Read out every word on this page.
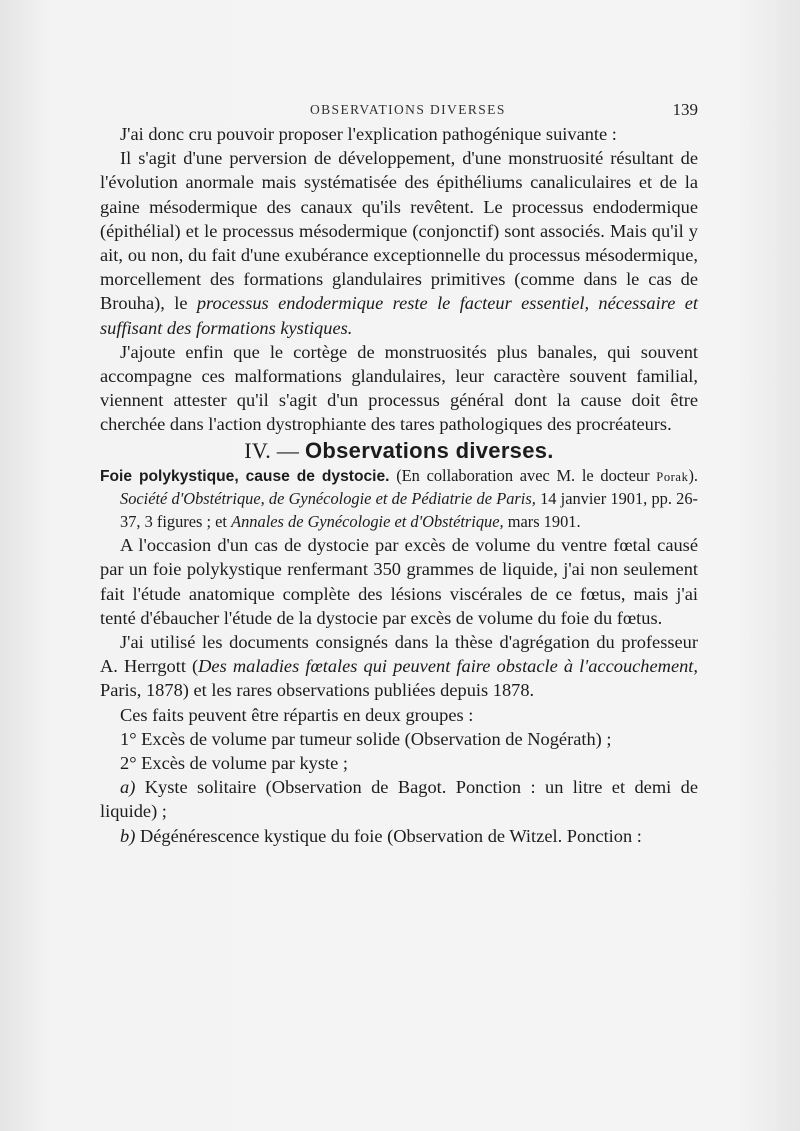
OBSERVATIONS DIVERSES	139

J'ai donc cru pouvoir proposer l'explication pathogénique suivante :

Il s'agit d'une perversion de développement, d'une monstruosité résultant de l'évolution anormale mais systématisée des épithéliums canaliculaires et de la gaine mésodermique des canaux qu'ils revêtent. Le processus endodermique (épithélial) et le processus mésodermique (conjonctif) sont associés. Mais qu'il y ait, ou non, du fait d'une exubérance exceptionnelle du processus mésodermique, morcellement des formations glandulaires primitives (comme dans le cas de Brouha), le processus endodermique reste le facteur essentiel, nécessaire et suffisant des formations kystiques.

J'ajoute enfin que le cortège de monstruosités plus banales, qui souvent accompagne ces malformations glandulaires, leur caractère souvent familial, viennent attester qu'il s'agit d'un processus général dont la cause doit être cherchée dans l'action dystrophiante des tares pathologiques des procréateurs.

IV. — Observations diverses.

Foie polykystique, cause de dystocie. (En collaboration avec M. le docteur Porak). Société d'Obstétrique, de Gynécologie et de Pédiatrie de Paris, 14 janvier 1901, pp. 26-37, 3 figures ; et Annales de Gynécologie et d'Obstétrique, mars 1901.

A l'occasion d'un cas de dystocie par excès de volume du ventre fœtal causé par un foie polykystique renfermant 350 grammes de liquide, j'ai non seulement fait l'étude anatomique complète des lésions viscérales de ce fœtus, mais j'ai tenté d'ébaucher l'étude de la dystocie par excès de volume du foie du fœtus.

J'ai utilisé les documents consignés dans la thèse d'agrégation du professeur A. Herrgott (Des maladies fœtales qui peuvent faire obstacle à l'accouchement, Paris, 1878) et les rares observations publiées depuis 1878.

Ces faits peuvent être répartis en deux groupes :

1° Excès de volume par tumeur solide (Observation de Nogérath) ;

2° Excès de volume par kyste ;

a) Kyste solitaire (Observation de Bagot. Ponction : un litre et demi de liquide) ;

b) Dégénérescence kystique du foie (Observation de Witzel. Ponction :
